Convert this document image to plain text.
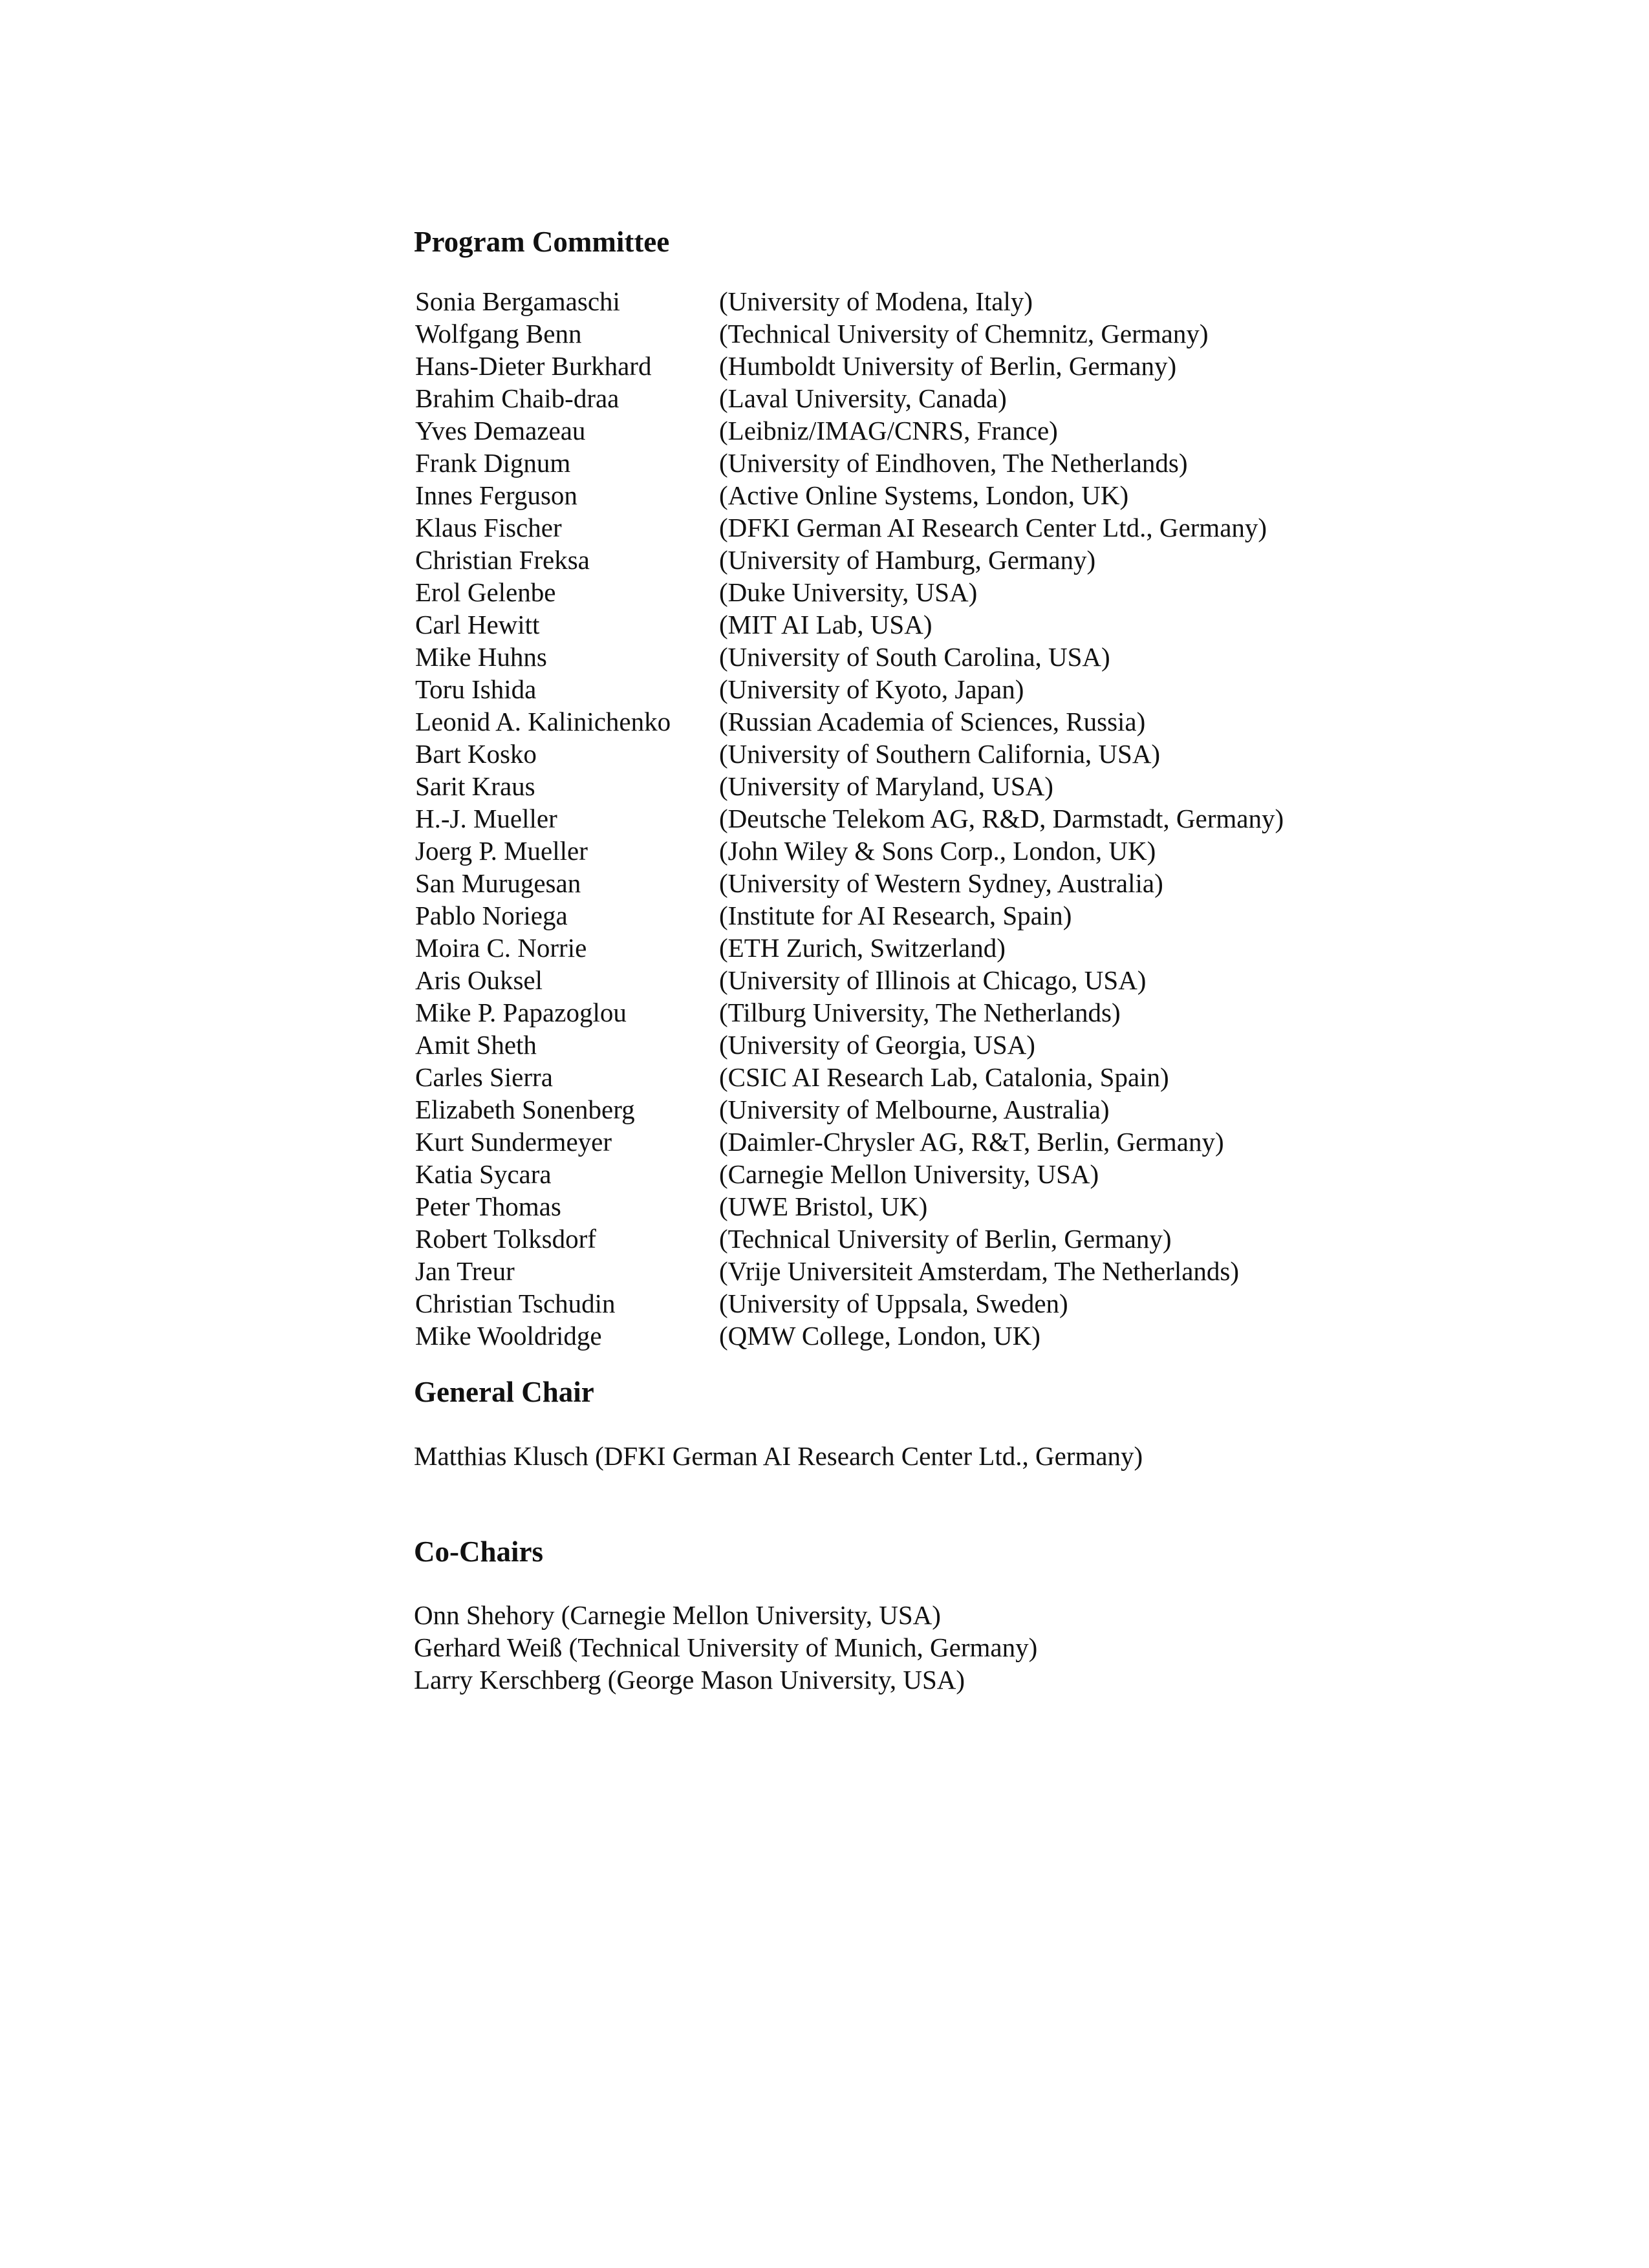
Program Committee
Sonia Bergamaschi	(University of Modena, Italy)
Wolfgang Benn	(Technical University of Chemnitz, Germany)
Hans-Dieter Burkhard	(Humboldt University of Berlin, Germany)
Brahim Chaib-draa	(Laval University, Canada)
Yves Demazeau	(Leibniz/IMAG/CNRS, France)
Frank Dignum	(University of Eindhoven, The Netherlands)
Innes Ferguson	(Active Online Systems, London, UK)
Klaus Fischer	(DFKI German AI Research Center Ltd., Germany)
Christian Freksa	(University of Hamburg, Germany)
Erol Gelenbe	(Duke University, USA)
Carl Hewitt	(MIT AI Lab, USA)
Mike Huhns	(University of South Carolina, USA)
Toru Ishida	(University of Kyoto, Japan)
Leonid A. Kalinichenko (Russian Academia of Sciences, Russia)
Bart Kosko	(University of Southern California, USA)
Sarit Kraus	(University of Maryland, USA)
H.-J. Mueller	(Deutsche Telekom AG, R&D, Darmstadt, Germany)
Joerg P. Mueller	(John Wiley & Sons Corp., London, UK)
San Murugesan	(University of Western Sydney, Australia)
Pablo Noriega	(Institute for AI Research, Spain)
Moira C. Norrie	(ETH Zurich, Switzerland)
Aris Ouksel	(University of Illinois at Chicago, USA)
Mike P. Papazoglou	(Tilburg University, The Netherlands)
Amit Sheth	(University of Georgia, USA)
Carles Sierra	(CSIC AI Research Lab, Catalonia, Spain)
Elizabeth Sonenberg	(University of Melbourne, Australia)
Kurt Sundermeyer	(Daimler-Chrysler AG, R&T, Berlin, Germany)
Katia Sycara	(Carnegie Mellon University, USA)
Peter Thomas	(UWE Bristol, UK)
Robert Tolksdorf	(Technical University of Berlin, Germany)
Jan Treur	(Vrije Universiteit Amsterdam, The Netherlands)
Christian Tschudin	(University of Uppsala, Sweden)
Mike Wooldridge	(QMW College, London, UK)
General Chair
Matthias Klusch (DFKI German AI Research Center Ltd., Germany)
Co-Chairs
Onn Shehory (Carnegie Mellon University, USA)
Gerhard Weiß (Technical University of Munich, Germany)
Larry Kerschberg (George Mason University, USA)
